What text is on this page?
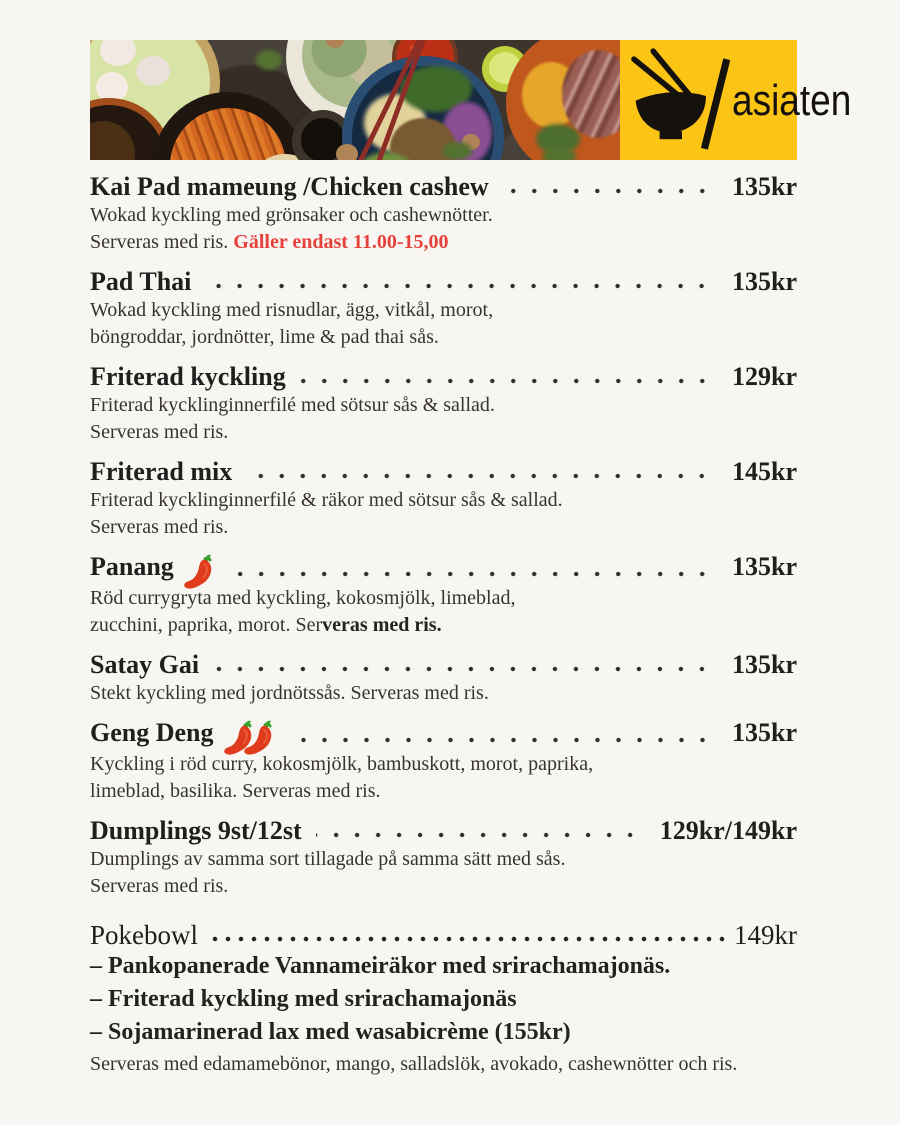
asiaten
Kai Pad mameung /Chicken cashew	135kr
Wokad kyckling med grönsaker och cashewnötter.
Serveras med ris. Gäller endast 11.00-15,00
Pad Thai	135kr
Wokad kyckling med risnudlar, ägg, vitkål, morot,
böngroddar, jordnötter, lime & pad thai sås.
Friterad kyckling	129kr
Friterad kycklinginnerfilé med sötsur sås & sallad.
Serveras med ris.
Friterad mix	145kr
Friterad kycklinginnerfilé & räkor med sötsur sås & sallad.
Serveras med ris.
Panang	135kr
Röd currygryta med kyckling, kokosmjölk, limeblad,
zucchini, paprika, morot. Serveras med ris.
Satay Gai	135kr
Stekt kyckling med jordnötssås. Serveras med ris.
Geng Deng	135kr
Kyckling i röd curry, kokosmjölk, bambuskott, morot, paprika,
limeblad, basilika. Serveras med ris.
Dumplings 9st/12st	129kr/149kr
Dumplings av samma sort tillagade på samma sätt med sås.
Serveras med ris.
Pokebowl	149kr
– Pankopanerade Vannameiräkor med srirachamajonäs.
– Friterad kyckling med srirachamajonäs
– Sojamarinerad lax med wasabicrème (155kr)
Serveras med edamamebönor, mango, salladslök, avokado, cashewnötter och ris.
